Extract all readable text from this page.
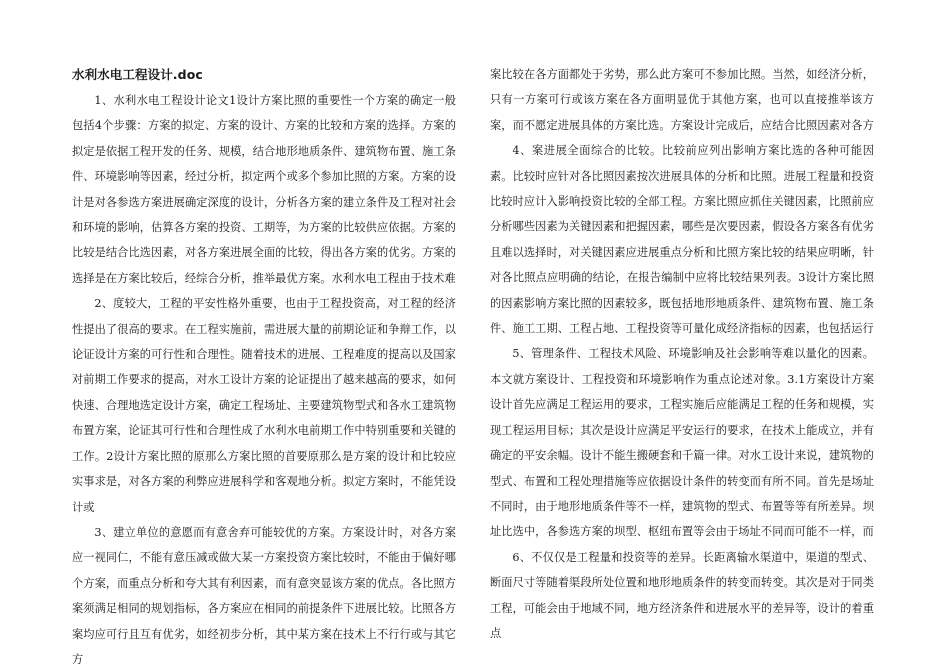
水利水电工程设计.doc

1、水利水电工程设计论文1设计方案比照的重要性一个方案的确定一般包括4个步骤：方案的拟定、方案的设计、方案的比较和方案的选择。方案的拟定是依据工程开发的任务、规模，结合地形地质条件、建筑物布置、施工条件、环境影响等因素，经过分析，拟定两个或多个参加比照的方案。方案的设计是对各参选方案进展确定深度的设计，分析各方案的建立条件及工程对社会和环境的影响，估算各方案的投资、工期等，为方案的比较供应依据。方案的比较是结合比选因素，对各方案进展全面的比较，得出各方案的优劣。方案的选择是在方案比较后，经综合分析，推举最优方案。水利水电工程由于技术难

2、度较大，工程的平安性格外重要，也由于工程投资高，对工程的经济性提出了很高的要求。在工程实施前，需进展大量的前期论证和争辩工作，以论证设计方案的可行性和合理性。随着技术的进展、工程难度的提高以及国家对前期工作要求的提高，对水工设计方案的论证提出了越来越高的要求，如何快速、合理地选定设计方案，确定工程场址、主要建筑物型式和各水工建筑物布置方案，论证其可行性和合理性成了水利水电前期工作中特别重要和关键的工作。2设计方案比照的原那么方案比照的首要原那么是方案的设计和比较应实事求是，对各方案的利弊应进展科学和客观地分析。拟定方案时，不能凭设计或

3、建立单位的意愿而有意舍弃可能较优的方案。方案设计时，对各方案应一视同仁，不能有意压减或做大某一方案投资方案比较时，不能由于偏好哪个方案，而重点分析和夸大其有利因素，而有意突显该方案的优点。各比照方案须满足相同的规划指标，各方案应在相同的前提条件下进展比较。比照各方案均应可行且互有优劣，如经初步分析，其中某方案在技术上不行行或与其它方

案比较在各方面都处于劣势，那么此方案可不参加比照。当然，如经济分析，只有一方案可行或该方案在各方面明显优于其他方案，也可以直接推举该方案，而不愿定进展具体的方案比选。方案设计完成后，应结合比照因素对各方

4、案进展全面综合的比较。比较前应列出影响方案比选的各种可能因素。比较时应针对各比照因素按次进展具体的分析和比照。进展工程量和投资比较时应计入影响投资比较的全部工程。方案比照应抓住关键因素，比照前应分析哪些因素为关键因素和把握因素，哪些是次要因素，假设各方案各有优劣且难以选择时，对关键因素应进展重点分析和比照方案比较的结果应明晰，针对各比照点应明确的结论，在报告编制中应将比较结果列表。3设计方案比照的因素影响方案比照的因素较多，既包括地形地质条件、建筑物布置、施工条件、施工工期、工程占地、工程投资等可量化成经济指标的因素，也包括运行

5、管理条件、工程技术风险、环境影响及社会影响等难以量化的因素。本文就方案设计、工程投资和环境影响作为重点论述对象。3.1方案设计方案设计首先应满足工程运用的要求，工程实施后应能满足工程的任务和规模，实现工程运用目标；其次是设计应满足平安运行的要求，在技术上能成立，并有确定的平安余幅。设计不能生搬硬套和千篇一律。对水工设计来说，建筑物的型式、布置和工程处理措施等应依据设计条件的转变而有所不同。首先是场址不同时，由于地形地质条件等不一样，建筑物的型式、布置等等有所差异。坝址比选中，各参选方案的坝型、枢纽布置等会由于场址不同而可能不一样，而

6、不仅仅是工程量和投资等的差异。长距离输水渠道中，渠道的型式、断面尺寸等随着渠段所处位置和地形地质条件的转变而转变。其次是对于同类工程，可能会由于地域不同，地方经济条件和进展水平的差异等，设计的着重点
